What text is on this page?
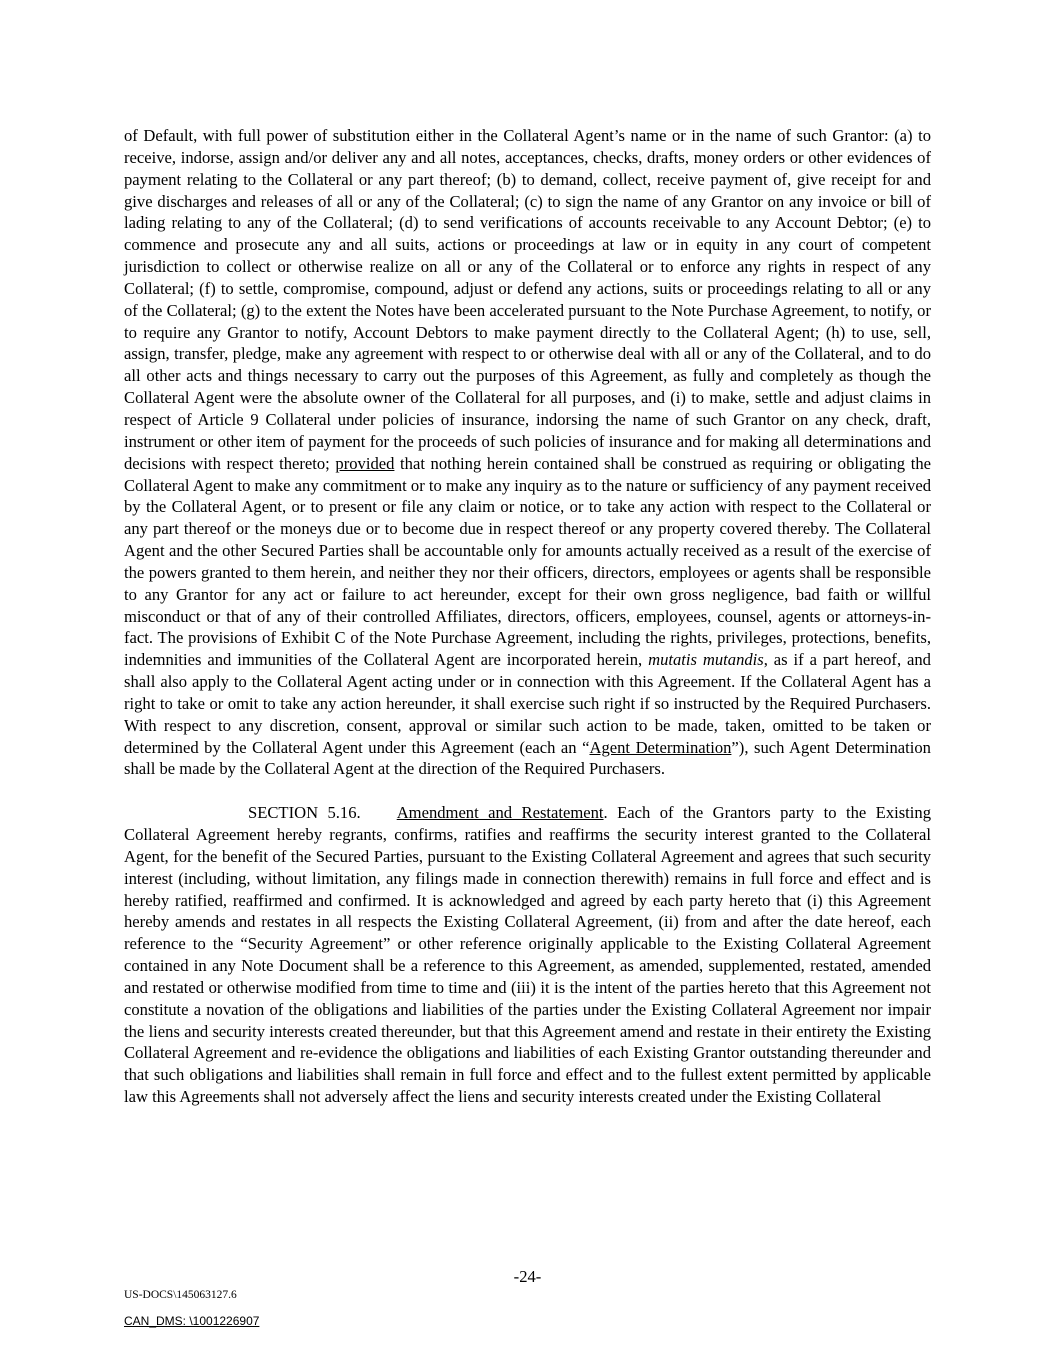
of Default, with full power of substitution either in the Collateral Agent’s name or in the name of such Grantor: (a) to receive, indorse, assign and/or deliver any and all notes, acceptances, checks, drafts, money orders or other evidences of payment relating to the Collateral or any part thereof; (b) to demand, collect, receive payment of, give receipt for and give discharges and releases of all or any of the Collateral; (c) to sign the name of any Grantor on any invoice or bill of lading relating to any of the Collateral; (d) to send verifications of accounts receivable to any Account Debtor; (e) to commence and prosecute any and all suits, actions or proceedings at law or in equity in any court of competent jurisdiction to collect or otherwise realize on all or any of the Collateral or to enforce any rights in respect of any Collateral; (f) to settle, compromise, compound, adjust or defend any actions, suits or proceedings relating to all or any of the Collateral; (g) to the extent the Notes have been accelerated pursuant to the Note Purchase Agreement, to notify, or to require any Grantor to notify, Account Debtors to make payment directly to the Collateral Agent; (h) to use, sell, assign, transfer, pledge, make any agreement with respect to or otherwise deal with all or any of the Collateral, and to do all other acts and things necessary to carry out the purposes of this Agreement, as fully and completely as though the Collateral Agent were the absolute owner of the Collateral for all purposes, and (i) to make, settle and adjust claims in respect of Article 9 Collateral under policies of insurance, indorsing the name of such Grantor on any check, draft, instrument or other item of payment for the proceeds of such policies of insurance and for making all determinations and decisions with respect thereto; provided that nothing herein contained shall be construed as requiring or obligating the Collateral Agent to make any commitment or to make any inquiry as to the nature or sufficiency of any payment received by the Collateral Agent, or to present or file any claim or notice, or to take any action with respect to the Collateral or any part thereof or the moneys due or to become due in respect thereof or any property covered thereby. The Collateral Agent and the other Secured Parties shall be accountable only for amounts actually received as a result of the exercise of the powers granted to them herein, and neither they nor their officers, directors, employees or agents shall be responsible to any Grantor for any act or failure to act hereunder, except for their own gross negligence, bad faith or willful misconduct or that of any of their controlled Affiliates, directors, officers, employees, counsel, agents or attorneys-in-fact. The provisions of Exhibit C of the Note Purchase Agreement, including the rights, privileges, protections, benefits, indemnities and immunities of the Collateral Agent are incorporated herein, mutatis mutandis, as if a part hereof, and shall also apply to the Collateral Agent acting under or in connection with this Agreement. If the Collateral Agent has a right to take or omit to take any action hereunder, it shall exercise such right if so instructed by the Required Purchasers. With respect to any discretion, consent, approval or similar such action to be made, taken, omitted to be taken or determined by the Collateral Agent under this Agreement (each an “Agent Determination”), such Agent Determination shall be made by the Collateral Agent at the direction of the Required Purchasers.

SECTION 5.16. Amendment and Restatement. Each of the Grantors party to the Existing Collateral Agreement hereby regrants, confirms, ratifies and reaffirms the security interest granted to the Collateral Agent, for the benefit of the Secured Parties, pursuant to the Existing Collateral Agreement and agrees that such security interest (including, without limitation, any filings made in connection therewith) remains in full force and effect and is hereby ratified, reaffirmed and confirmed. It is acknowledged and agreed by each party hereto that (i) this Agreement hereby amends and restates in all respects the Existing Collateral Agreement, (ii) from and after the date hereof, each reference to the “Security Agreement” or other reference originally applicable to the Existing Collateral Agreement contained in any Note Document shall be a reference to this Agreement, as amended, supplemented, restated, amended and restated or otherwise modified from time to time and (iii) it is the intent of the parties hereto that this Agreement not constitute a novation of the obligations and liabilities of the parties under the Existing Collateral Agreement nor impair the liens and security interests created thereunder, but that this Agreement amend and restate in their entirety the Existing Collateral Agreement and re-evidence the obligations and liabilities of each Existing Grantor outstanding thereunder and that such obligations and liabilities shall remain in full force and effect and to the fullest extent permitted by applicable law this Agreements shall not adversely affect the liens and security interests created under the Existing Collateral

-24-
US-DOCS\145063127.6
CAN_DMS: \1001226907
